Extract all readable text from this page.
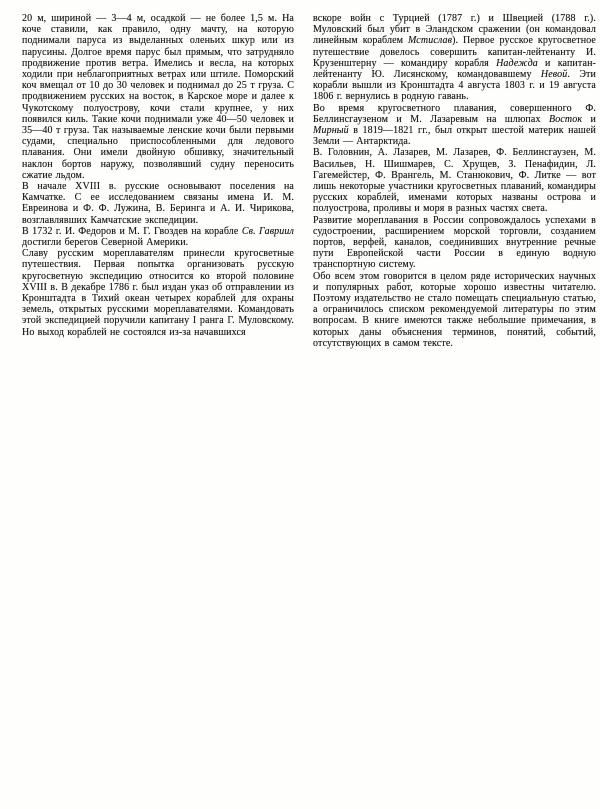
20 м, шириной — 3—4 м, осадкой — не более 1,5 м. На коче ставили, как правило, одну мачту, на которую поднимали паруса из выделанных оленьих шкур или из парусины. Долгое время парус был прямым, что затрудняло продвижение против ветра. Имелись и весла, на которых ходили при неблагоприятных ветрах или штиле. Поморский коч вмещал от 10 до 30 человек и поднимал до 25 т груза. С продвижением русских на восток, в Карское море и далее к Чукотскому полуострову, кочи стали крупнее, у них появился киль. Такие кочи поднимали уже 40—50 человек и 35—40 т груза. Так называемые ленские кочи были первыми судами, специально приспособленными для ледового плавания. Они имели двойную обшивку, значительный наклон бортов наружу, позволявший судну переносить сжатие льдом.

В начале XVIII в. русские основывают поселения на Камчатке. С ее исследованием связаны имена И. М. Евреинова и Ф. Ф. Лужина, В. Беринга и А. И. Чирикова, возглавлявших Камчатские экспедиции.

В 1732 г. И. Федоров и М. Г. Гвоздев на корабле Св. Гавриил достигли берегов Северной Америки.

Славу русским мореплавателям принесли кругосветные путешествия. Первая попытка организовать русскую кругосветную экспедицию относится ко второй половине XVIII в. В декабре 1786 г. был издан указ об отправлении из Кронштадта в Тихий океан четырех кораблей для охраны земель, открытых русскими мореплавателями. Командовать этой экспедицией поручили капитану I ранга Г. Муловскому. Но выход кораблей не состоялся из-за начавшихся

вскоре войн с Турцией (1787 г.) и Швецией (1788 г.). Муловский был убит в Эландском сражении (он командовал линейным кораблем Мстислав). Первое русское кругосветное путешествие довелось совершить капитан-лейтенанту И. Крузенштерну — командиру корабля Надежда и капитан-лейтенанту Ю. Лисянскому, командовавшему Невой. Эти корабли вышли из Кронштадта 4 августа 1803 г. и 19 августа 1806 г. вернулись в родную гавань.

Во время кругосветного плавания, совершенного Ф. Беллинсгаузеном и М. Лазаревым на шлюпах Восток и Мирный в 1819—1821 гг., был открыт шестой материк нашей Земли — Антарктида.

В. Головнин, А. Лазарев, М. Лазарев, Ф. Беллинсгаузен, М. Васильев, Н. Шишмарев, С. Хрущев, З. Пенафидин, Л. Гагемейстер, Ф. Врангель, М. Станюкович, Ф. Литке — вот лишь некоторые участники кругосветных плаваний, командиры русских кораблей, именами которых названы острова и полуострова, проливы и моря в разных частях света.

Развитие мореплавания в России сопровождалось успехами в судостроении, расширением морской торговли, созданием портов, верфей, каналов, соединивших внутренние речные пути Европейской части России в единую водную транспортную систему.

Обо всем этом говорится в целом ряде исторических научных и популярных работ, которые хорошо известны читателю. Поэтому издательство не стало помещать специальную статью, а ограничилось списком рекомендуемой литературы по этим вопросам. В книге имеются также небольшие примечания, в которых даны объяснения терминов, понятий, событий, отсутствующих в самом тексте.
